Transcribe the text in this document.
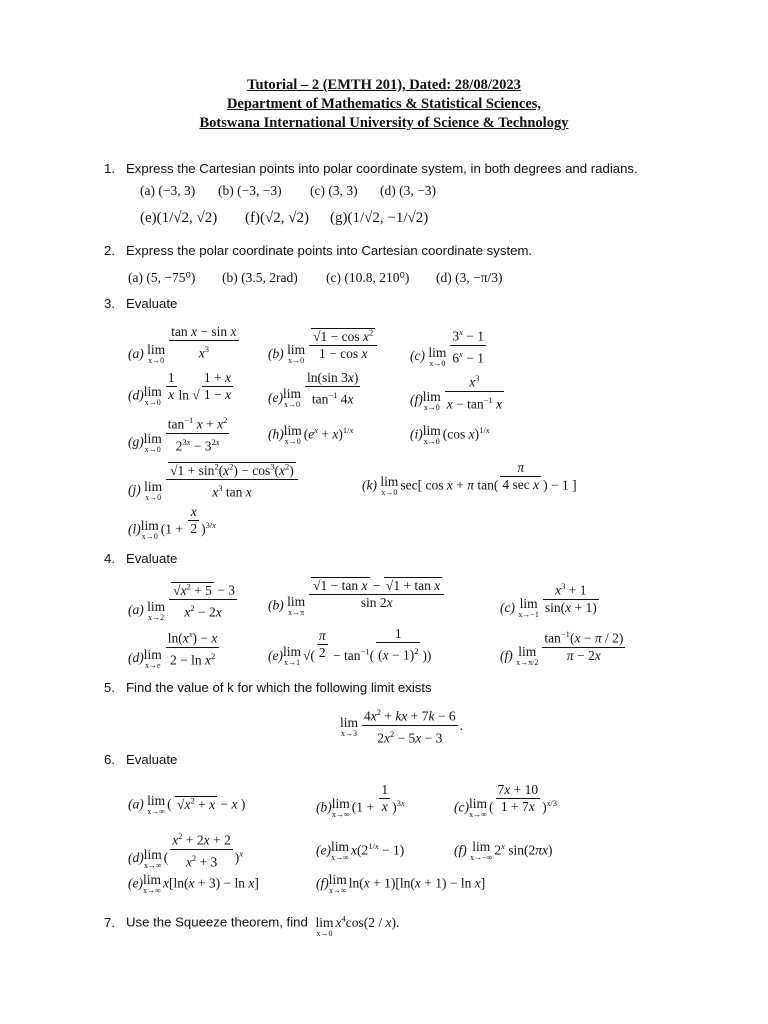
Tutorial – 2 (EMTH 201), Dated: 28/08/2023
Department of Mathematics & Statistical Sciences,
Botswana International University of Science & Technology
1. Express the Cartesian points into polar coordinate system, in both degrees and radians.
(a) (−3, 3) (b) (−3, −3) (c) (3, 3) (d) (3, −3)
(e)(1/√2, √2) (f)(√2, √2) (g)(1/√2, −1/√2)
2. Express the polar coordinate points into Cartesian coordinate system.
(a) (5, −75⁰) (b) (3.5, 2rad) (c) (10.8, 210⁰) (d) (3, −π/3)
3. Evaluate
(a) lim
$x\to 0 \frac{\text{tan x − sin x}}{x^3} (b)$ lim
$x\to 0 \frac{√1 - \cos x^2}{\text{1 − cos x}} (c)$ lim
$x\to 0 \frac{3^x - 1}{6^x - 1}$
(d) lim
$x\to 0 \frac{1}{x}$ ln √ $\frac{1 + x}{1 - x}$	(e) lim
$x\to 0 \frac{\ln(\sin 3x)}{\tan^{-1} 4x}$	(f) lim
$x\to 0 \frac{x^3}{x - \tan^{-1} x}$
(g) lim
$x\to 0 \frac{\tan^{-1} x + x^2}{2^{3x} - 3^{2x}}$	(h) lim
x→0 $(e^x + x)^{1/x}$	(i) lim
x→0 (cos x)$^{1/x}$
(j) lim
$x\to 0 \frac{√1 + \sin^2(x^2) - \cos^3(x^2)}{x^3 \tan x}$	(k) lim
x→0 sec[ cos x + π $\tan( \frac{\pi}{\text{4 sec x}}$ ) − 1 ]
(l) lim
x→0 $(1 + \frac{x}{2} )^{3/x}$
4. Evaluate
(a) lim
$x\to 2 \frac{√x^2 + 5 - 3}{x^2 - 2x} (b)$ lim
x→π
$\frac{\text{√1 − tan x − √1 + tan x}}{\sin 2x}$	(c) lim
$x\to-1 \frac{x^3 + 1}{\sin(x + 1)}$
(d) lim
$x\to e \frac{\ln(x^x) - x}{2 - \ln x^2}$	(e) lim
x→1 √( $\frac{\pi}{2} - \tan^{-1}( \frac{1}{(x - 1)^2}$ ))	(f) lim
$x\to\pi/2 \frac{\tan^{-1}(x - \pi / 2)}{\pi - 2x}$
5. Find the value of k for which the following limit exists
lim
$x\to 3 \frac{4x^2 + kx + 7k - 6}{2x^2 - 5x - 3}$ .
6. Evaluate
(a) lim
x→∞ ( $√x^2 + x - x$ )	(b) lim
x→∞ $(1 + \frac{1}{x} )^{3x}$	(c) lim
x→∞ ( $\frac{7x + 10}{1 + 7x} )^{x/3}$
(d) lim
x→∞ ( $\frac{x^2 + 2x + 2}{x^2 + 3} )^x$	(e) lim
x→∞ $x(2^{1/x} - 1)$	(f) lim
x→−∞ 2$^x$ sin(2πx)
(e) lim
x→∞ x[ln(x + 3) − ln x]	(f) lim
x→∞ ln(x + 1)[ln(x + 1) − ln x]
7. Use the Squeeze theorem, find lim
x→0
$x^4\cos(2 / x)$.
